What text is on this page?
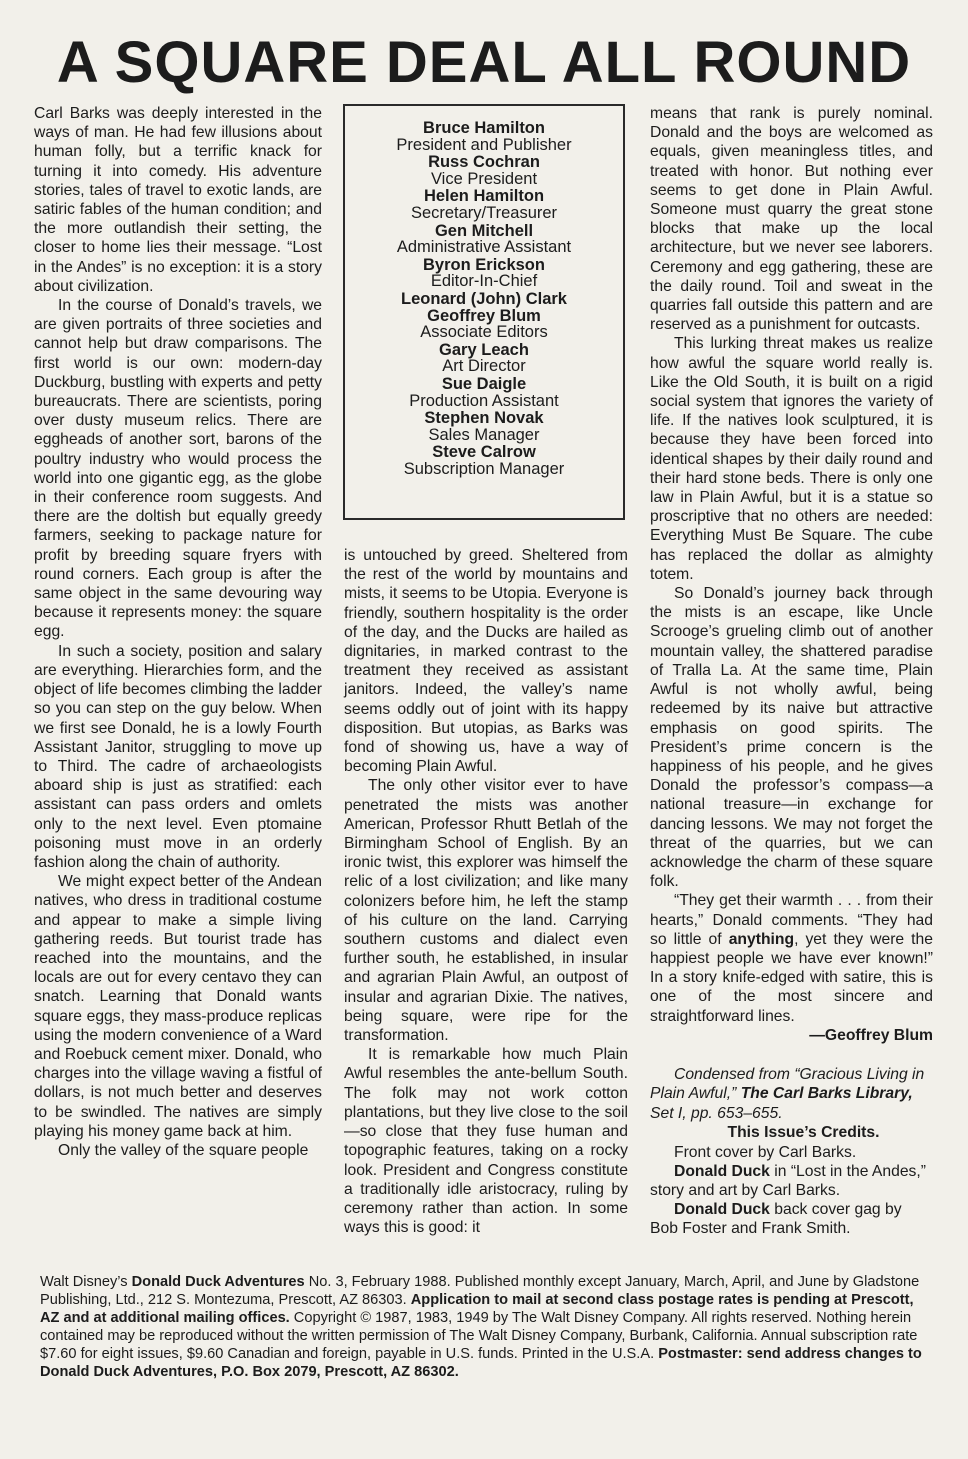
A SQUARE DEAL ALL ROUND

Carl Barks was deeply interested in the ways of man. He had few illusions about human folly, but a terrific knack for turning it into comedy. His adventure stories, tales of travel to exotic lands, are satiric fables of the human condition; and the more outlandish their setting, the closer to home lies their message. “Lost in the Andes” is no exception: it is a story about civilization.

In the course of Donald’s travels, we are given portraits of three societies and cannot help but draw comparisons. The first world is our own: modern-day Duckburg, bustling with experts and petty bureaucrats. There are scientists, poring over dusty museum relics. There are eggheads of another sort, barons of the poultry industry who would process the world into one gigantic egg, as the globe in their conference room suggests. And there are the doltish but equally greedy farmers, seeking to package nature for profit by breeding square fryers with round corners. Each group is after the same object in the same devouring way because it represents money: the square egg.

In such a society, position and salary are everything. Hierarchies form, and the object of life becomes climbing the ladder so you can step on the guy below. When we first see Donald, he is a lowly Fourth Assistant Janitor, struggling to move up to Third. The cadre of archaeologists aboard ship is just as stratified: each assistant can pass orders and omlets only to the next level. Even ptomaine poisoning must move in an orderly fashion along the chain of authority.

We might expect better of the Andean natives, who dress in traditional costume and appear to make a simple living gathering reeds. But tourist trade has reached into the mountains, and the locals are out for every centavo they can snatch. Learning that Donald wants square eggs, they mass-produce replicas using the modern convenience of a Ward and Roebuck cement mixer. Donald, who charges into the village waving a fistful of dollars, is not much better and deserves to be swindled. The natives are simply playing his money game back at him.

Only the valley of the square people

Bruce Hamilton
President and Publisher
Russ Cochran
Vice President
Helen Hamilton
Secretary/Treasurer
Gen Mitchell
Administrative Assistant
Byron Erickson
Editor-In-Chief
Leonard (John) Clark
Geoffrey Blum
Associate Editors
Gary Leach
Art Director
Sue Daigle
Production Assistant
Stephen Novak
Sales Manager
Steve Calrow
Subscription Manager

is untouched by greed. Sheltered from the rest of the world by mountains and mists, it seems to be Utopia. Everyone is friendly, southern hospitality is the order of the day, and the Ducks are hailed as dignitaries, in marked contrast to the treatment they received as assistant janitors. Indeed, the valley’s name seems oddly out of joint with its happy disposition. But utopias, as Barks was fond of showing us, have a way of becoming Plain Awful.

The only other visitor ever to have penetrated the mists was another American, Professor Rhutt Betlah of the Birmingham School of English. By an ironic twist, this explorer was himself the relic of a lost civilization; and like many colonizers before him, he left the stamp of his culture on the land. Carrying southern customs and dialect even further south, he established, in insular and agrarian Plain Awful, an outpost of insular and agrarian Dixie. The natives, being square, were ripe for the transformation.

It is remarkable how much Plain Awful resembles the ante-bellum South. The folk may not work cotton plantations, but they live close to the soil—so close that they fuse human and topographic features, taking on a rocky look. President and Congress constitute a traditionally idle aristocracy, ruling by ceremony rather than action. In some ways this is good: it

means that rank is purely nominal. Donald and the boys are welcomed as equals, given meaningless titles, and treated with honor. But nothing ever seems to get done in Plain Awful. Someone must quarry the great stone blocks that make up the local architecture, but we never see laborers. Ceremony and egg gathering, these are the daily round. Toil and sweat in the quarries fall outside this pattern and are reserved as a punishment for outcasts.

This lurking threat makes us realize how awful the square world really is. Like the Old South, it is built on a rigid social system that ignores the variety of life. If the natives look sculptured, it is because they have been forced into identical shapes by their daily round and their hard stone beds. There is only one law in Plain Awful, but it is a statue so proscriptive that no others are needed: Everything Must Be Square. The cube has replaced the dollar as almighty totem.

So Donald’s journey back through the mists is an escape, like Uncle Scrooge’s grueling climb out of another mountain valley, the shattered paradise of Tralla La. At the same time, Plain Awful is not wholly awful, being redeemed by its naive but attractive emphasis on good spirits. The President’s prime concern is the happiness of his people, and he gives Donald the professor’s compass—a national treasure—in exchange for dancing lessons. We may not forget the threat of the quarries, but we can acknowledge the charm of these square folk.

“They get their warmth . . . from their hearts,” Donald comments. “They had so little of anything, yet they were the happiest people we have ever known!” In a story knife-edged with satire, this is one of the most sincere and straightforward lines.

—Geoffrey Blum

Condensed from “Gracious Living in Plain Awful,” The Carl Barks Library, Set I, pp. 653–655.

This Issue’s Credits.

Front cover by Carl Barks.

Donald Duck in “Lost in the Andes,” story and art by Carl Barks.

Donald Duck back cover gag by Bob Foster and Frank Smith.

Walt Disney’s Donald Duck Adventures No. 3, February 1988. Published monthly except January, March, April, and June by Gladstone Publishing, Ltd., 212 S. Montezuma, Prescott, AZ 86303. Application to mail at second class postage rates is pending at Prescott, AZ and at additional mailing offices. Copyright © 1987, 1983, 1949 by The Walt Disney Company. All rights reserved. Nothing herein contained may be reproduced without the written permission of The Walt Disney Company, Burbank, California. Annual subscription rate $7.60 for eight issues, $9.60 Canadian and foreign, payable in U.S. funds. Printed in the U.S.A. Postmaster: send address changes to Donald Duck Adventures, P.O. Box 2079, Prescott, AZ 86302.
